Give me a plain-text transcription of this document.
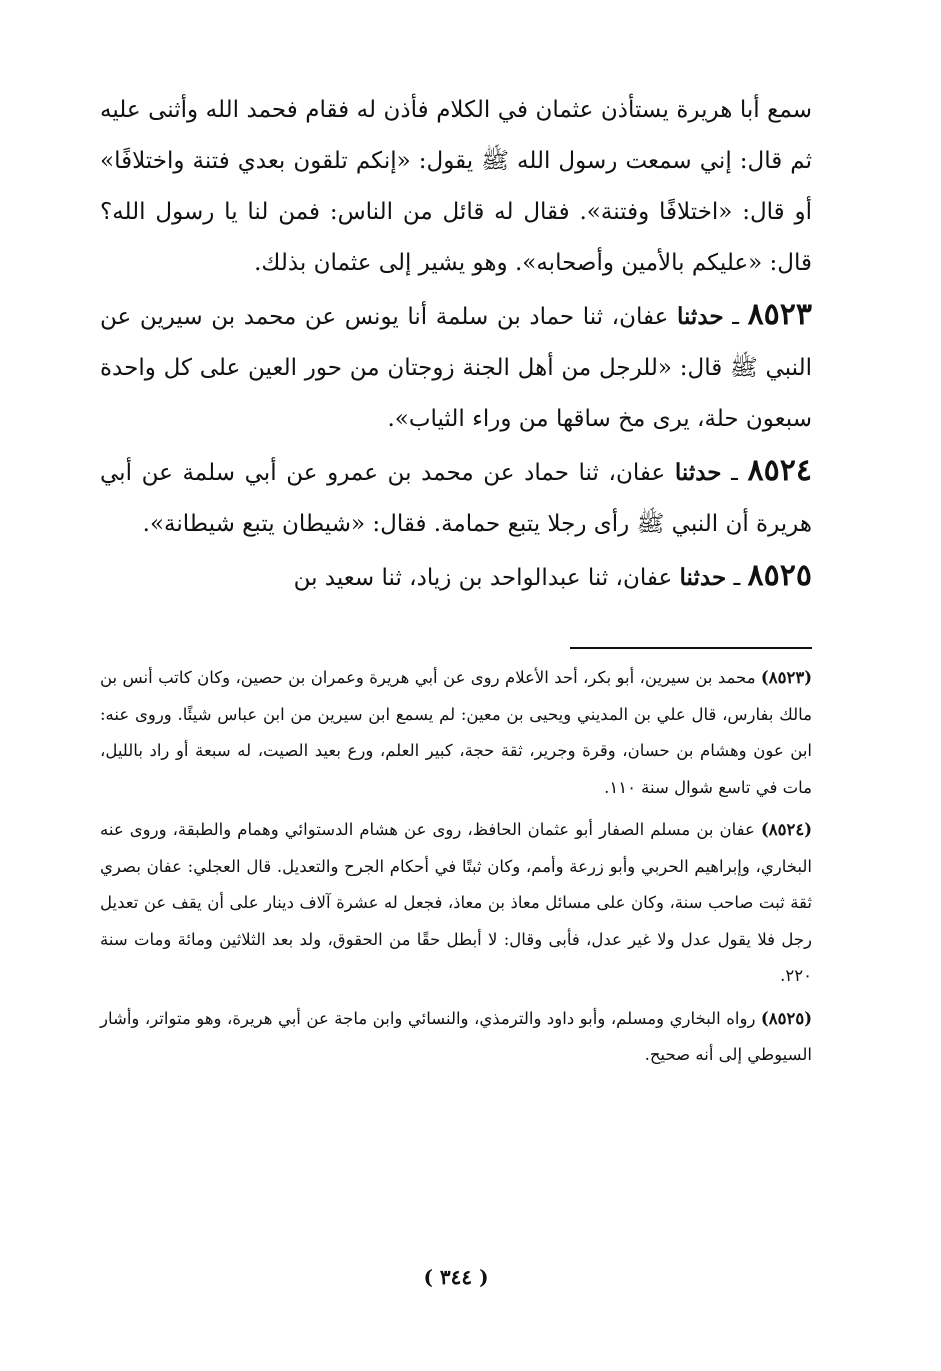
سمع أبا هريرة يستأذن عثمان في الكلام فأذن له فقام فحمد الله وأثنى عليه ثم قال: إني سمعت رسول الله ﷺ يقول: «إنكم تلقون بعدي فتنة واختلافًا» أو قال: «اختلافًا وفتنة». فقال له قائل من الناس: فمن لنا يا رسول الله؟ قال: «عليكم بالأمين وأصحابه». وهو يشير إلى عثمان بذلك.

٨٥٢٣ ـ حدثنا عفان، ثنا حماد بن سلمة أنا يونس عن محمد بن سيرين عن النبي ﷺ قال: «للرجل من أهل الجنة زوجتان من حور العين على كل واحدة سبعون حلة، يرى مخ ساقها من وراء الثياب».

٨٥٢٤ ـ حدثنا عفان، ثنا حماد عن محمد بن عمرو عن أبي سلمة عن أبي هريرة أن النبي ﷺ رأى رجلا يتبع حمامة. فقال: «شيطان يتبع شيطانة».

٨٥٢٥ ـ حدثنا عفان، ثنا عبدالواحد بن زياد، ثنا سعيد بن

(٨٥٢٣) محمد بن سيرين، أبو بكر، أحد الأعلام روى عن أبي هريرة وعمران بن حصين، وكان كاتب أنس بن مالك بفارس، قال علي بن المديني ويحيى بن معين: لم يسمع ابن سيرين من ابن عباس شيئًا. وروى عنه: ابن عون وهشام بن حسان، وقرة وجرير، ثقة حجة، كبير العلم، ورع بعيد الصيت، له سبعة أو راد بالليل، مات في تاسع شوال سنة ١١٠.

(٨٥٢٤) عفان بن مسلم الصفار أبو عثمان الحافظ، روى عن هشام الدستوائي وهمام والطبقة، وروى عنه البخاري، وإبراهيم الحربي وأبو زرعة وأمم، وكان ثبتًا في أحكام الجرح والتعديل. قال العجلي: عفان بصري ثقة ثبت صاحب سنة، وكان على مسائل معاذ بن معاذ، فجعل له عشرة آلاف دينار على أن يقف عن تعديل رجل فلا يقول عدل ولا غير عدل، فأبى وقال: لا أبطل حقًا من الحقوق، ولد بعد الثلاثين ومائة ومات سنة ٢٢٠.

(٨٥٢٥) رواه البخاري ومسلم، وأبو داود والترمذي، والنسائي وابن ماجة عن أبي هريرة، وهو متواتر، وأشار السيوطي إلى أنه صحيح.

( ٣٤٤ )
